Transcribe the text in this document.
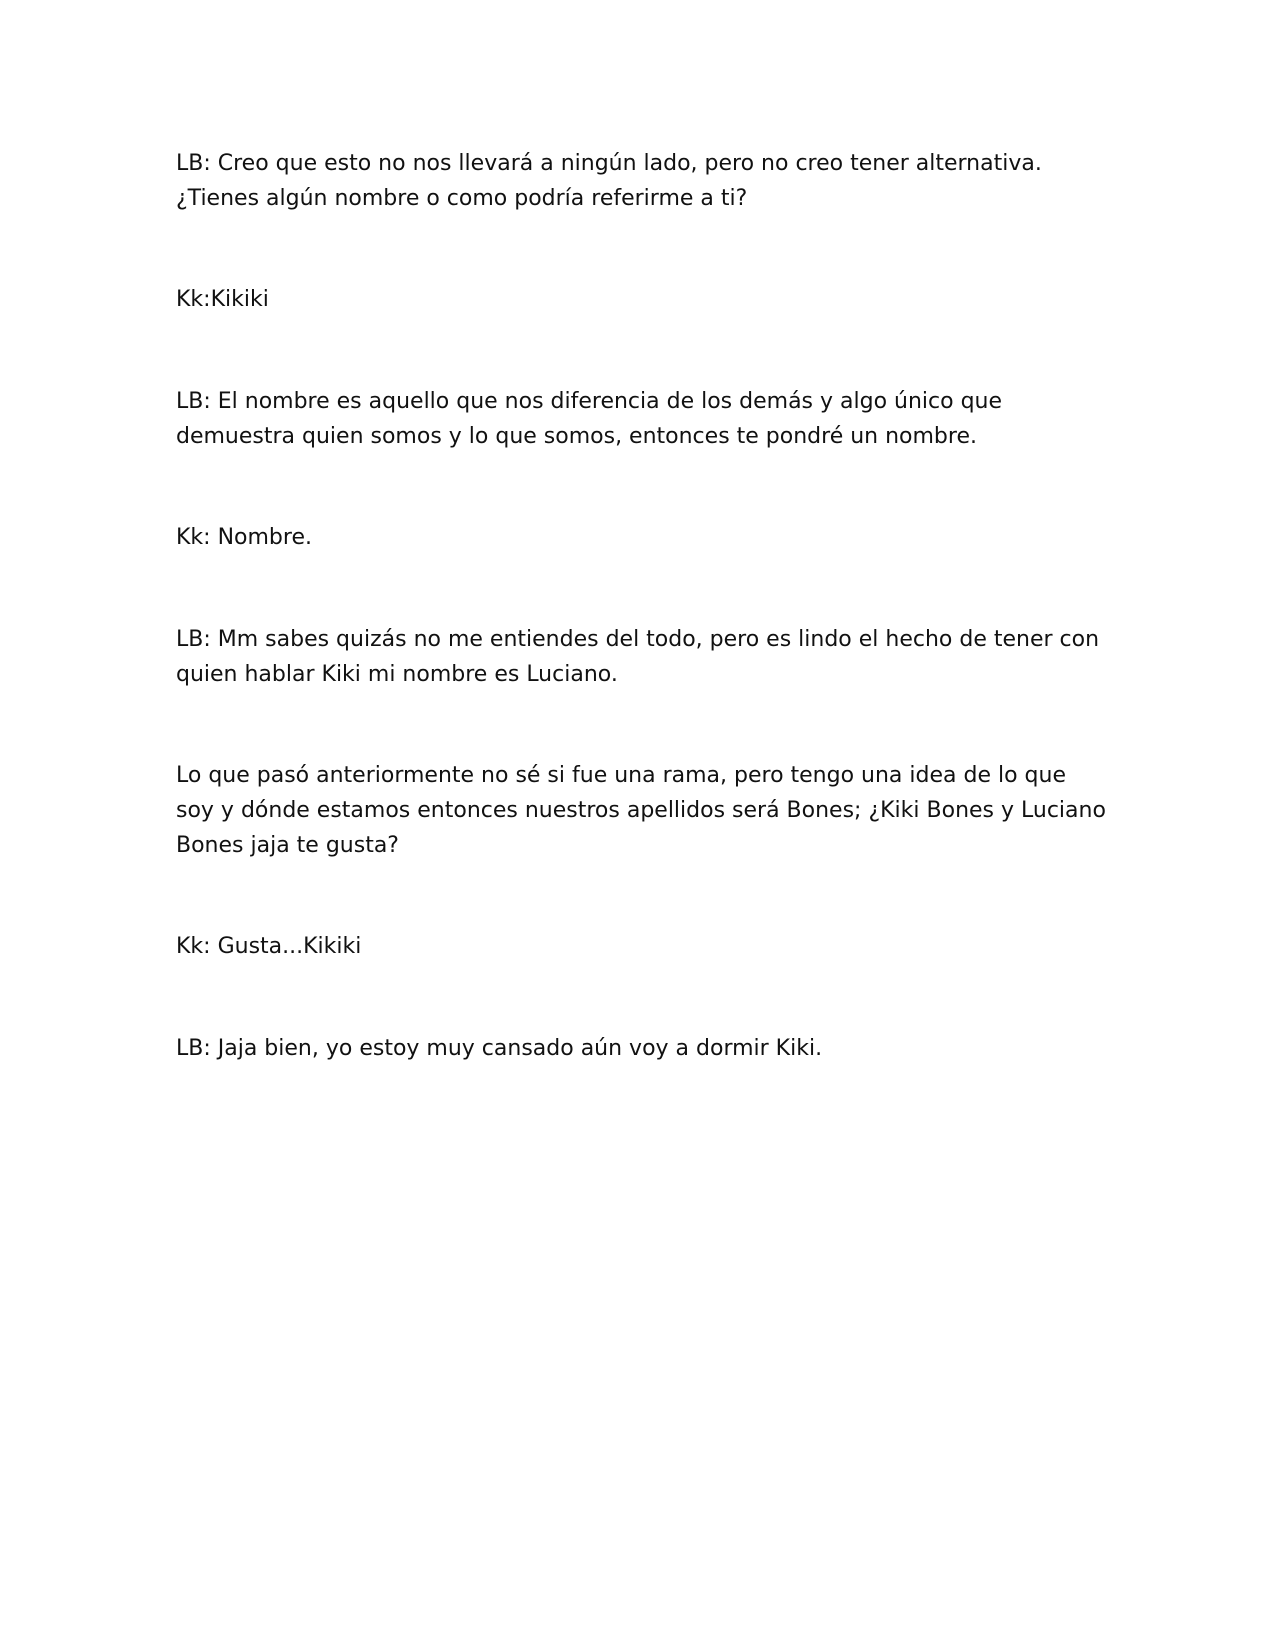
LB: Creo que esto no nos llevará a ningún lado, pero no creo tener alternativa.
¿Tienes algún nombre o como podría referirme a ti?

Kk:Kikiki

LB: El nombre es aquello que nos diferencia de los demás y algo único que
demuestra quien somos y lo que somos, entonces te pondré un nombre.

Kk: Nombre.

LB: Mm sabes quizás no me entiendes del todo, pero es lindo el hecho de tener con
quien hablar Kiki mi nombre es Luciano.

Lo que pasó anteriormente no sé si fue una rama, pero tengo una idea de lo que
soy y dónde estamos entonces nuestros apellidos será Bones; ¿Kiki Bones y Luciano
Bones jaja te gusta?

Kk: Gusta...Kikiki

LB: Jaja bien, yo estoy muy cansado aún voy a dormir Kiki.
